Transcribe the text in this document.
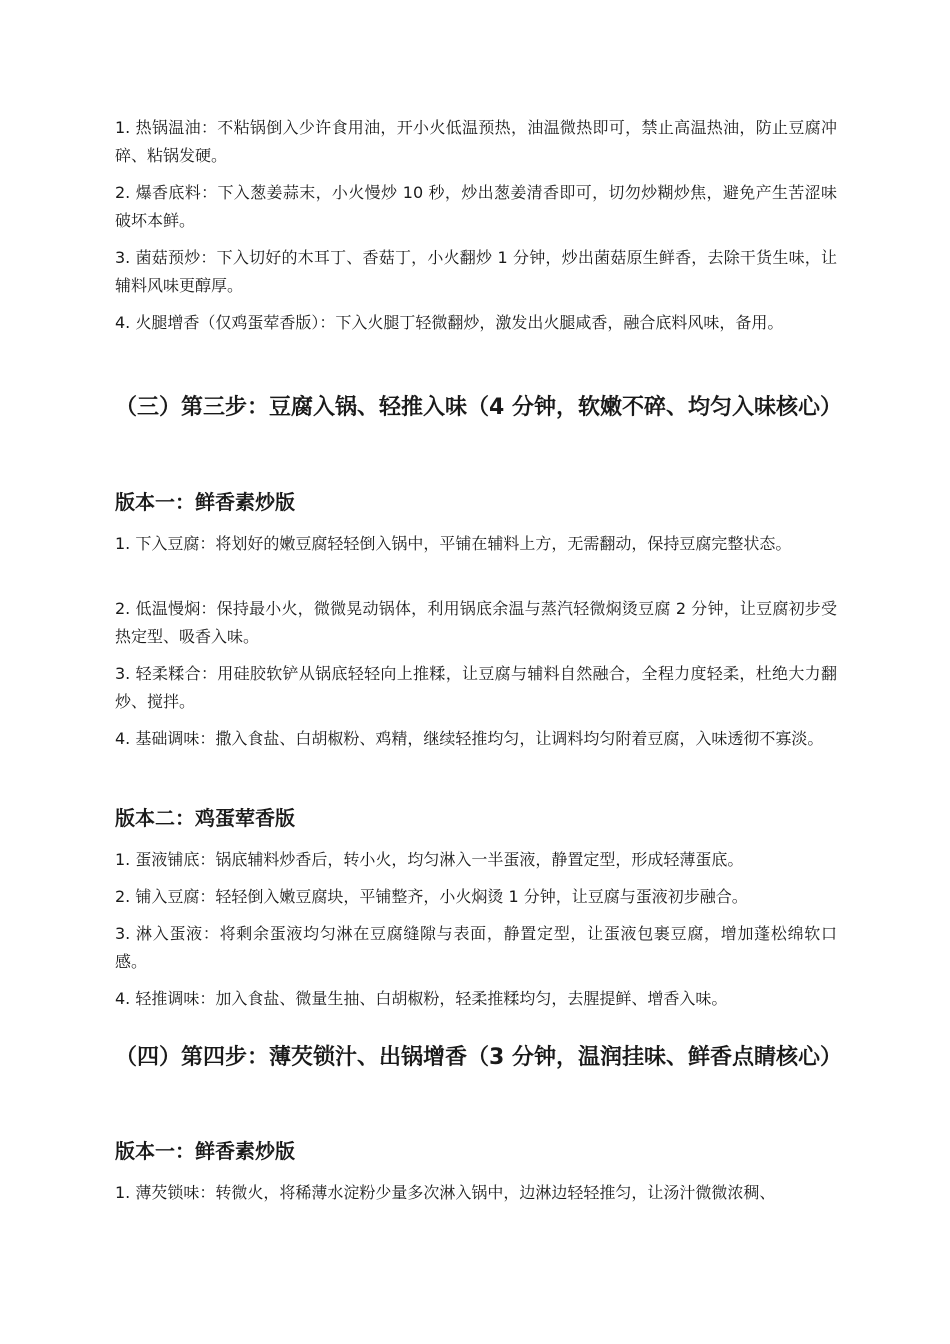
1. 热锅温油：不粘锅倒入少许食用油，开小火低温预热，油温微热即可，禁止高温热油，防止豆腐冲碎、粘锅发硬。

2. 爆香底料：下入葱姜蒜末，小火慢炒 10 秒，炒出葱姜清香即可，切勿炒糊炒焦，避免产生苦涩味破坏本鲜。

3. 菌菇预炒：下入切好的木耳丁、香菇丁，小火翻炒 1 分钟，炒出菌菇原生鲜香，去除干货生味，让辅料风味更醇厚。

4. 火腿增香（仅鸡蛋荤香版）：下入火腿丁轻微翻炒，激发出火腿咸香，融合底料风味，备用。

（三）第三步：豆腐入锅、轻推入味（4 分钟，软嫩不碎、均匀入味核心）
版本一：鲜香素炒版

1. 下入豆腐：将划好的嫩豆腐轻轻倒入锅中，平铺在辅料上方，无需翻动，保持豆腐完整状态。

2. 低温慢焖：保持最小火，微微晃动锅体，利用锅底余温与蒸汽轻微焖烫豆腐 2 分钟，让豆腐初步受热定型、吸香入味。

3. 轻柔糅合：用硅胶软铲从锅底轻轻向上推糅，让豆腐与辅料自然融合，全程力度轻柔，杜绝大力翻炒、搅拌。

4. 基础调味：撒入食盐、白胡椒粉、鸡精，继续轻推均匀，让调料均匀附着豆腐，入味透彻不寡淡。

版本二：鸡蛋荤香版

1. 蛋液铺底：锅底辅料炒香后，转小火，均匀淋入一半蛋液，静置定型，形成轻薄蛋底。

2. 铺入豆腐：轻轻倒入嫩豆腐块，平铺整齐，小火焖烫 1 分钟，让豆腐与蛋液初步融合。

3. 淋入蛋液：将剩余蛋液均匀淋在豆腐缝隙与表面，静置定型，让蛋液包裹豆腐，增加蓬松绵软口感。

4. 轻推调味：加入食盐、微量生抽、白胡椒粉，轻柔推糅均匀，去腥提鲜、增香入味。

（四）第四步：薄芡锁汁、出锅增香（3 分钟，温润挂味、鲜香点睛核心）
版本一：鲜香素炒版

1. 薄芡锁味：转微火，将稀薄水淀粉少量多次淋入锅中，边淋边轻轻推匀，让汤汁微微浓稠、
